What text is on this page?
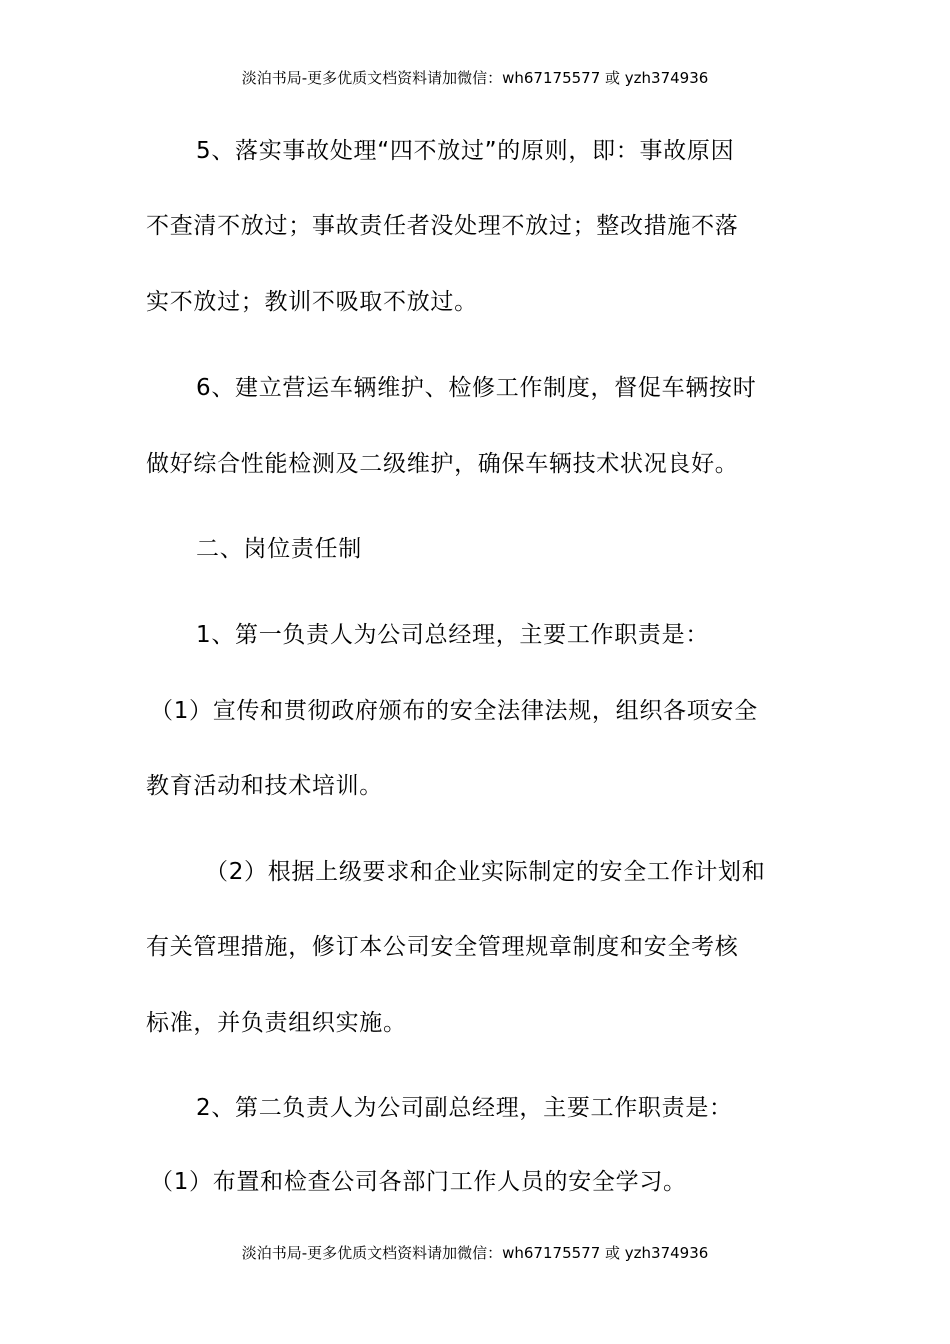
淡泊书局-更多优质文档资料请加微信：wh67175577 或 yzh374936
5、落实事故处理“四不放过”的原则，即：事故原因
不查清不放过；事故责任者没处理不放过；整改措施不落
实不放过；教训不吸取不放过。
6、建立营运车辆维护、检修工作制度，督促车辆按时
做好综合性能检测及二级维护，确保车辆技术状况良好。
二、岗位责任制
1、第一负责人为公司总经理，主要工作职责是：
（1）宣传和贯彻政府颁布的安全法律法规，组织各项安全
教育活动和技术培训。
（2）根据上级要求和企业实际制定的安全工作计划和
有关管理措施，修订本公司安全管理规章制度和安全考核
标准，并负责组织实施。
2、第二负责人为公司副总经理，主要工作职责是：
（1）布置和检查公司各部门工作人员的安全学习。
淡泊书局-更多优质文档资料请加微信：wh67175577 或 yzh374936
